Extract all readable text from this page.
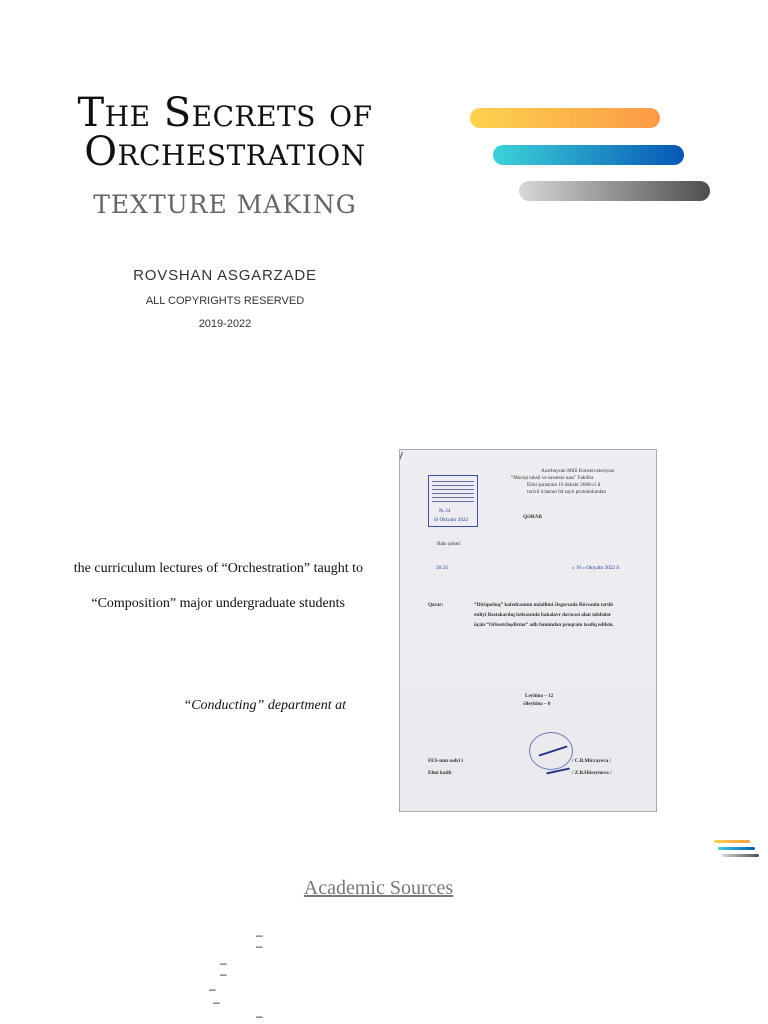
The Secrets of
Orchestration
TEXTURE MAKING
ROVSHAN ASGARZADE
ALL COPYRIGHTS RESERVED
2019-2022
the curriculum lectures of “Orchestration” taught to
“Composition” major undergraduate students
“Conducting” department at
Azərbaycan Milli Konservatoriyası
“Musiqi təhsil ve sənətsiə nası” Fakültə
Elmi şurasının 16 dekabr 2008-ci il
tarixli iclasnın 04 saylı protokolundan
№ 24
16 Oktyabr 2022	QƏRAR
Bakı şəhəri
20 24	« 16 » Oktyabr 2022 il
Qərar:	“Diriqorluq” kafedrasının müəllimi Əsgərzadə Rövsənin tərtib
etdiyi Bastəkarılıq ixtisasında bakalavr dərəcəsi alan tələbələr
üçün “Orkestrləşdirmə” adlı fənnindən proqram təsdiq edilsin.
Leyhinə – 12
Əleyhinə – 0
FES-nun sədri i	/ C.B.Mirzayeva /
Elmi katib	/ Z.B.Hüseynova /
Academic Sources
–
–
–
–
–
–
–
